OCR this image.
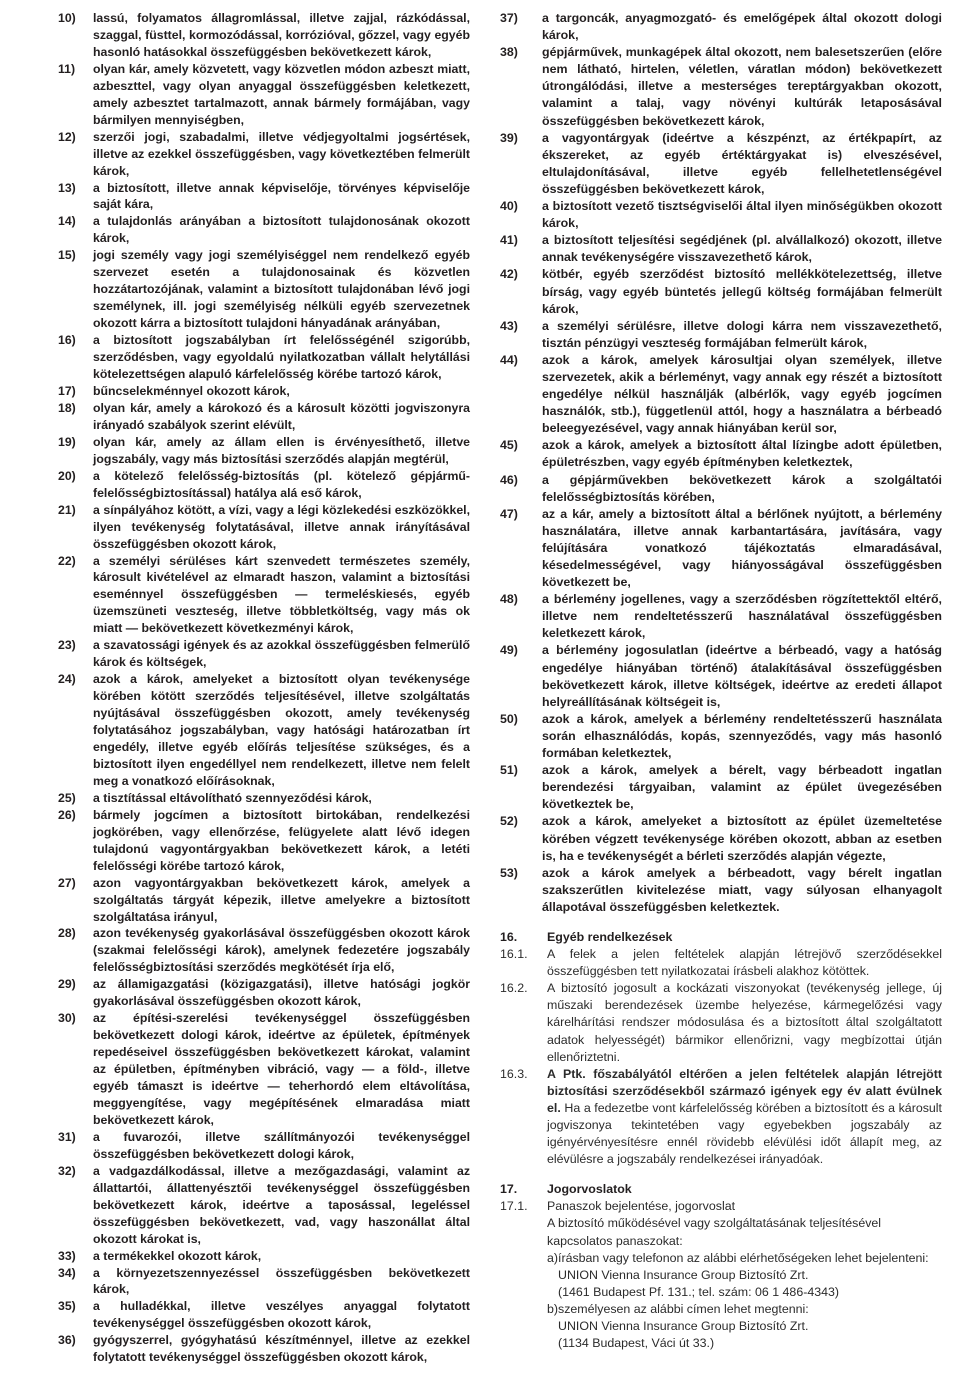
10)	lassú, folyamatos állagromlással, illetve zajjal, rázkódással, szaggal, füsttel, kormozódással, korrózióval, gőzzel, vagy egyéb hasonló hatásokkal összefüggésben bekövetkezett károk,

11)	olyan kár, amely közvetett, vagy közvetlen módon azbeszt miatt, azbeszttel, vagy olyan anyaggal összefüggésben keletkezett, amely azbesztet tartalmazott, annak bármely formájában, vagy bármilyen mennyiségben,

12)	szerzői jogi, szabadalmi, illetve védjegyoltalmi jogsértések, illetve az ezekkel összefüggésben, vagy következtében felmerült károk,

13)	a biztosított, illetve annak képviselője, törvényes képviselője saját kára,

14)	a tulajdonlás arányában a biztosított tulajdonosának okozott károk,

15)	jogi személy vagy jogi személyiséggel nem rendelkező egyéb szervezet esetén a tulajdonosainak és közvetlen hozzátartozójának, valamint a biztosított tulajdonában lévő jogi személynek, ill. jogi személyiség nélküli egyéb szervezetnek okozott kárra a biztosított tulajdoni hányadának arányában,

16)	a biztosított jogszabályban írt felelősségénél szigorúbb, szerződésben, vagy egyoldalú nyilatkozatban vállalt helytállási kötelezettségen alapuló kárfelelősség körébe tartozó károk,

17)	bűncselekménnyel okozott károk,

18)	olyan kár, amely a károkozó és a károsult közötti jogviszonyra irányadó szabályok szerint elévült,

19)	olyan kár, amely az állam ellen is érvényesíthető, illetve jogszabály, vagy más biztosítási szerződés alapján megtérül,

20)	a kötelező felelősség-biztosítás (pl. kötelező gépjármű-felelősségbiztosítással) hatálya alá eső károk,

21)	a sínpályához kötött, a vízi, vagy a légi közlekedési eszközökkel, ilyen tevékenység folytatásával, illetve annak irányításával összefüggésben okozott károk,

22)	a személyi sérüléses kárt szenvedett természetes személy, károsult kivételével az elmaradt haszon, valamint a biztosítási eseménnyel összefüggésben — termeléskiesés, egyéb üzemszüneti veszteség, illetve többletköltség, vagy más ok miatt — bekövetkezett következményi károk,

23)	a szavatossági igények és az azokkal összefüggésben felmerülő károk és költségek,

24)	azok a károk, amelyeket a biztosított olyan tevékenysége körében kötött szerződés teljesítésével, illetve szolgáltatás nyújtásával összefüggésben okozott, amely tevékenység folytatásához jogszabályban, vagy hatósági határozatban írt engedély, illetve egyéb előírás teljesítése szükséges, és a biztosított ilyen engedéllyel nem rendelkezett, illetve nem felelt meg a vonatkozó előírásoknak,

25)	a tisztítással eltávolítható szennyeződési károk,

26)	bármely jogcímen a biztosított birtokában, rendelkezési jogkörében, vagy ellenőrzése, felügyelete alatt lévő idegen tulajdonú vagyontárgyakban bekövetkezett károk, a letéti felelősségi körébe tartozó károk,

27)	azon vagyontárgyakban bekövetkezett károk, amelyek a szolgáltatás tárgyát képezik, illetve amelyekre a biztosított szolgáltatása irányul,

28)	azon tevékenység gyakorlásával összefüggésben okozott károk (szakmai felelősségi károk), amelynek fedezetére jogszabály felelősségbiztosítási szerződés megkötését írja elő,

29)	az államigazgatási (közigazgatási), illetve hatósági jogkör gyakorlásával összefüggésben okozott károk,

30)	az építési-szerelési tevékenységgel összefüggésben bekövetkezett dologi károk, ideértve az épületek, építmények repedéseivel összefüggésben bekövetkezett károkat, valamint az épületben, építményben vibráció, vagy — a föld-, illetve egyéb támaszt is ideértve — teherhordó elem eltávolítása, meggyengítése, vagy megépítésének elmaradása miatt bekövetkezett károk,

31)	a fuvarozói, illetve szállítmányozói tevékenységgel összefüggésben bekövetkezett dologi károk,

32)	a vadgazdálkodással, illetve a mezőgazdasági, valamint az állattartói, állattenyésztői tevékenységgel összefüggésben bekövetkezett károk, ideértve a taposással, legeléssel összefüggésben bekövetkezett, vad, vagy haszonállat által okozott károkat is,

33)	a termékekkel okozott károk,

34)	a környezetszennyezéssel összefüggésben bekövetkezett károk,

35)	a hulladékkal, illetve veszélyes anyaggal folytatott tevékenységgel összefüggésben okozott károk,

36)	gyógyszerrel, gyógyhatású készítménnyel, illetve az ezekkel folytatott tevékenységgel összefüggésben okozott károk,

37)	a targoncák, anyagmozgató- és emelőgépek által okozott dologi károk,

38)	gépjárművek, munkagépek által okozott, nem balesetszerűen (előre nem látható, hirtelen, véletlen, váratlan módon) bekövetkezett útrongálódási, illetve a mesterséges tereptárgyakban okozott, valamint a talaj, vagy növényi kultúrák letaposásával összefüggésben bekövetkezett károk,

39)	a vagyontárgyak (ideértve a készpénzt, az értékpapírt, az ékszereket, az egyéb értéktárgyakat is) elveszésével, eltulajdonításával, illetve egyéb fellelhetetlenségével összefüggésben bekövetkezett károk,

40)	a biztosított vezető tisztségviselői által ilyen minőségükben okozott károk,

41)	a biztosított teljesítési segédjének (pl. alvállalkozó) okozott, illetve annak tevékenységére visszavezethető károk,

42)	kötbér, egyéb szerződést biztosító mellékkötelezettség, illetve bírság, vagy egyéb büntetés jellegű költség formájában felmerült károk,

43)	a személyi sérülésre, illetve dologi kárra nem visszavezethető, tisztán pénzügyi veszteség formájában felmerült károk,

44)	azok a károk, amelyek károsultjai olyan személyek, illetve szervezetek, akik a bérleményt, vagy annak egy részét a biztosított engedélye nélkül használják (albérlők, vagy egyéb jogcímen használók, stb.), függetlenül attól, hogy a használatra a bérbeadó beleegyezésével, vagy annak hiányában kerül sor,

45)	azok a károk, amelyek a biztosított által lízingbe adott épületben, épületrészben, vagy egyéb építményben keletkeztek,

46)	a gépjárművekben bekövetkezett károk a szolgáltatói felelősségbiztosítás körében,

47)	az a kár, amely a biztosított által a bérlőnek nyújtott, a bérlemény használatára, illetve annak karbantartására, javítására, vagy felújítására vonatkozó tájékoztatás elmaradásával, késedelmességével, vagy hiányosságával összefüggésben következett be,

48)	a bérlemény jogellenes, vagy a szerződésben rögzítettektől eltérő, illetve nem rendeltetésszerű használatával összefüggésben keletkezett károk,

49)	a bérlemény jogosulatlan (ideértve a bérbeadó, vagy a hatóság engedélye hiányában történő) átalakításával összefüggésben bekövetkezett károk, illetve költségek, ideértve az eredeti állapot helyreállításának költségeit is,

50)	azok a károk, amelyek a bérlemény rendeltetésszerű használata során elhasználódás, kopás, szennyeződés, vagy más hasonló formában keletkeztek,

51)	azok a károk, amelyek a bérelt, vagy bérbeadott ingatlan berendezési tárgyaiban, valamint az épület üvegezésében következtek be,

52)	azok a károk, amelyeket a biztosított az épület üzemeltetése körében végzett tevékenysége körében okozott, abban az esetben is, ha e tevékenységét a bérleti szerződés alapján végezte,

53)	azok a károk amelyek a bérbeadott, vagy bérelt ingatlan szakszerűtlen kivitelezése miatt, vagy súlyosan elhanyagolt állapotával összefüggésben keletkeztek.

16.	Egyéb rendelkezések

16.1.	A felek a jelen feltételek alapján létrejövő szerződésekkel összefüggésben tett nyilatkozatai írásbeli alakhoz kötöttek.

16.2.	A biztosító jogosult a kockázati viszonyokat (tevékenység jellege, új műszaki berendezések üzembe helyezése, kármegelőzési vagy kárelhárítási rendszer módosulása és a biztosított által szolgáltatott adatok helyességét) bármikor ellenőrizni, vagy megbízottai útján ellenőriztetni.

16.3.	A Ptk. főszabályától eltérően a jelen feltételek alapján létrejött biztosítási szerződésekből származó igények egy év alatt évülnek el. Ha a fedezetbe vont kárfelelősség körében a biztosított és a károsult jogviszonya tekintetében vagy egyebekben jogszabály az igényérvényesítésre ennél rövidebb elévülési időt állapít meg, az elévülésre a jogszabály rendelkezései irányadóak.

17.	Jogorvoslatok

17.1.	Panaszok bejelentése, jogorvoslat

A biztosító működésével vagy szolgáltatásának teljesítésével kapcsolatos panaszokat:
a) írásban vagy telefonon az alábbi elérhetőségeken lehet bejelenteni:
UNION Vienna Insurance Group Biztosító Zrt.
(1461 Budapest Pf. 131.; tel. szám: 06 1 486-4343)
b) személyesen az alábbi címen lehet megtenni:
UNION Vienna Insurance Group Biztosító Zrt.
(1134 Budapest, Váci út 33.)
